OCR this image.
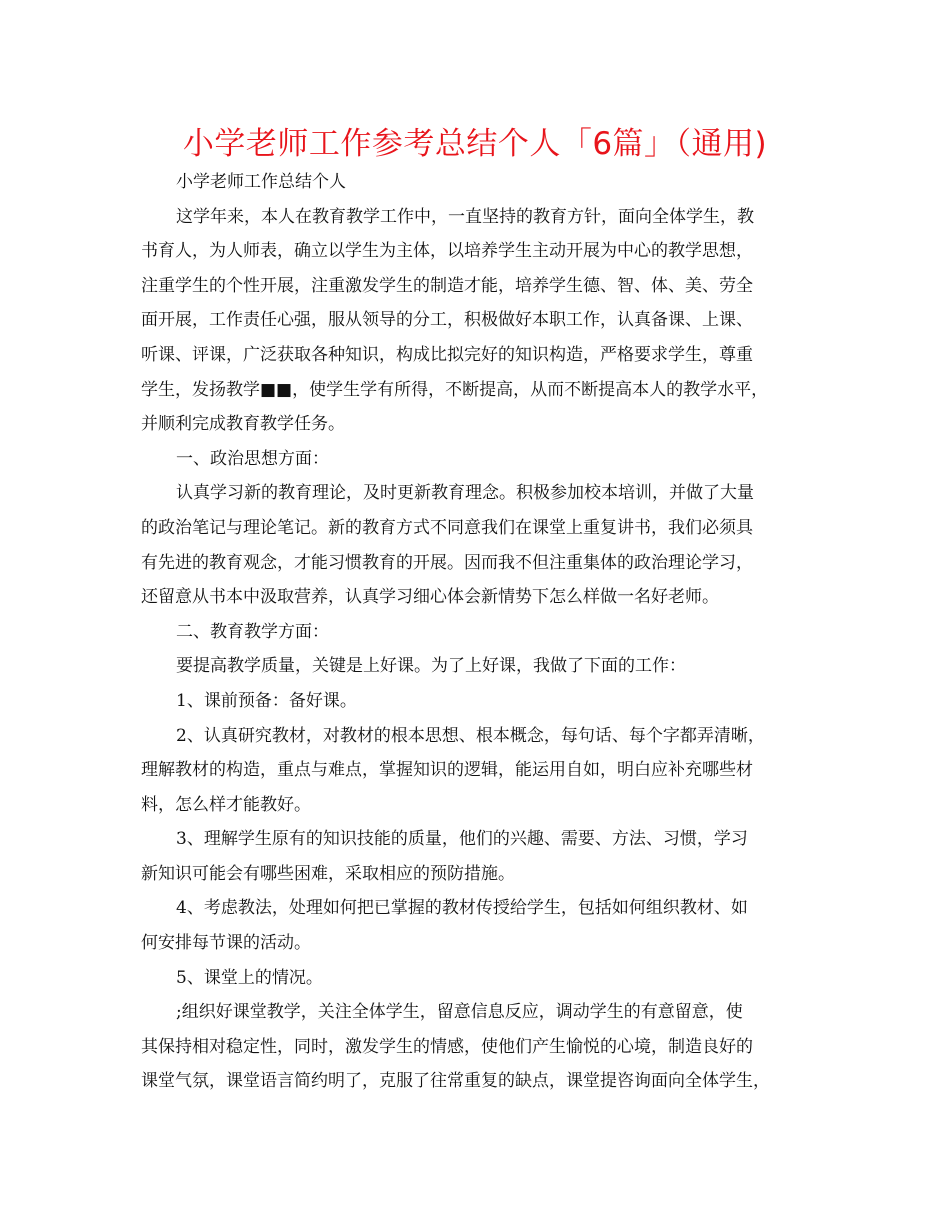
小学老师工作参考总结个人「6篇」（通用)
小学老师工作总结个人
这学年来，本人在教育教学工作中，一直坚持的教育方针，面向全体学生，教
书育人，为人师表，确立以学生为主体，以培养学生主动开展为中心的教学思想，
注重学生的个性开展，注重激发学生的制造才能，培养学生德、智、体、美、劳全
面开展，工作责任心强，服从领导的分工，积极做好本职工作，认真备课、上课、
听课、评课，广泛获取各种知识，构成比拟完好的知识构造，严格要求学生，尊重
学生，发扬教学■■，使学生学有所得，不断提高，从而不断提高本人的教学水平，
并顺利完成教育教学任务。
一、政治思想方面：
认真学习新的教育理论，及时更新教育理念。积极参加校本培训，并做了大量
的政治笔记与理论笔记。新的教育方式不同意我们在课堂上重复讲书，我们必须具
有先进的教育观念，才能习惯教育的开展。因而我不但注重集体的政治理论学习，
还留意从书本中汲取营养，认真学习细心体会新情势下怎么样做一名好老师。
二、教育教学方面：
要提高教学质量，关键是上好课。为了上好课，我做了下面的工作：
1、课前预备：备好课。
2、认真研究教材，对教材的根本思想、根本概念，每句话、每个字都弄清晰，
理解教材的构造，重点与难点，掌握知识的逻辑，能运用自如，明白应补充哪些材
料，怎么样才能教好。
3、理解学生原有的知识技能的质量，他们的兴趣、需要、方法、习惯，学习
新知识可能会有哪些困难，采取相应的预防措施。
4、考虑教法，处理如何把已掌握的教材传授给学生，包括如何组织教材、如
何安排每节课的活动。
5、课堂上的情况。
;组织好课堂教学，关注全体学生，留意信息反应，调动学生的有意留意，使
其保持相对稳定性，同时，激发学生的情感，使他们产生愉悦的心境，制造良好的
课堂气氛，课堂语言简约明了，克服了往常重复的缺点，课堂提咨询面向全体学生，
